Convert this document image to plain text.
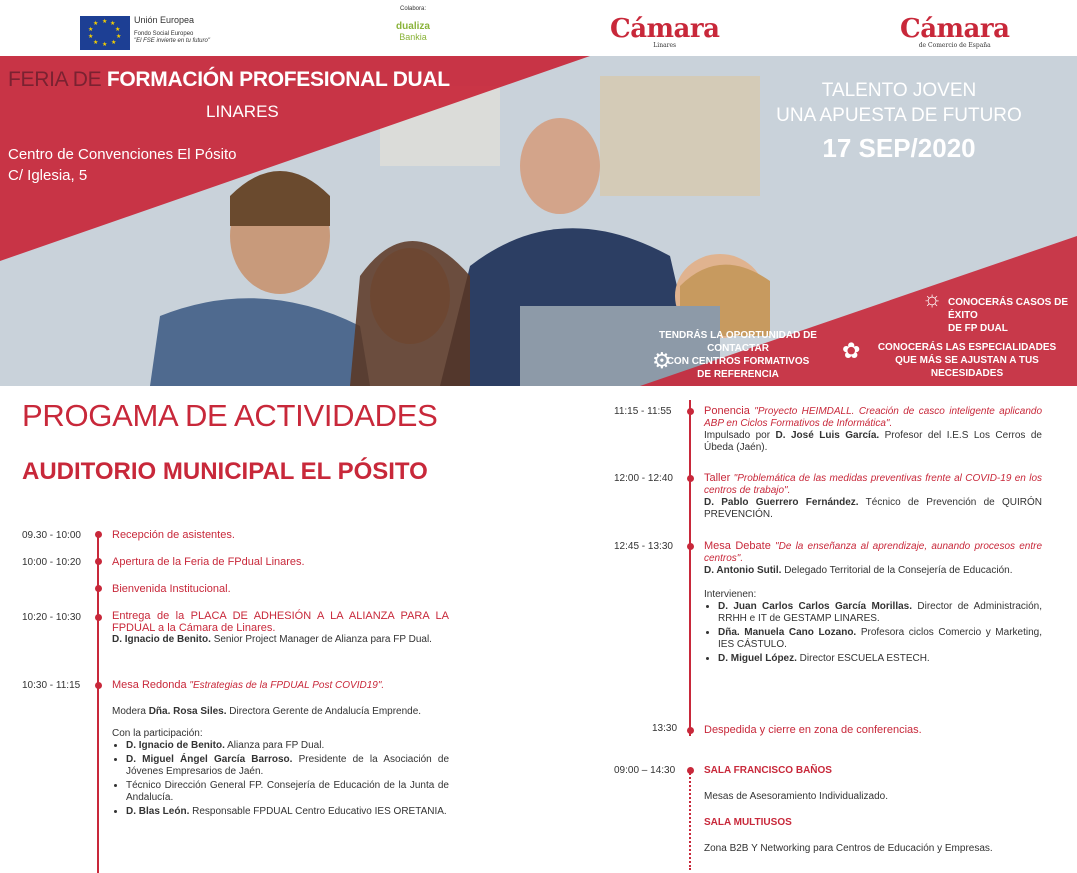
★ ★
★
★
★
★
★
★
★
★	Unión Europea
Fondo Social Europeo
"El FSE invierte en tu futuro"
Colabora:
dualiza
Bankia	Cámara
Linares
Cámara
de Comercio de España
FERIA DE FORMACIÓN PROFESIONAL DUAL
LINARES
Centro de Convenciones El Pósito
C/ Iglesia, 5
TALENTO JOVEN
UNA APUESTA DE FUTURO
17 SEP/2020
☼ CONOCERÁS CASOS DE ÉXITO
DE FP DUAL
⚙
TENDRÁS LA OPORTUNIDAD DE CONTACTAR
CON CENTROS FORMATIVOS
DE REFERENCIA
✿	CONOCERÁS LAS ESPECIALIDADES
QUE MÁS SE AJUSTAN A TUS NECESIDADES
PROGAMA DE ACTIVIDADES
AUDITORIO MUNICIPAL EL PÓSITO
09.30 - 10:00	Recepción de asistentes.
10:00 - 10:20	Apertura de la Feria de FPdual Linares.
Bienvenida Institucional.
10:20 - 10:30	Entrega de la PLACA DE ADHESIÓN A LA ALIANZA PARA LA FPDUAL a la Cámara de Linares.

D. Ignacio de Benito. Senior Project Manager de Alianza para FP Dual.

10:30 - 11:15	Mesa Redonda "Estrategias de la FPDUAL Post COVID19".

Modera Dña. Rosa Siles. Directora Gerente de Andalucía Emprende.

Con la participación:

• D. Ignacio de Benito. Alianza para FP Dual.
• D. Miguel Ángel García Barroso. Presidente de la Asociación de Jóvenes Empresarios de Jaén.
• Técnico Dirección General FP. Consejería de Educación de la Junta de Andalucía.
• D. Blas León. Responsable FPDUAL Centro Educativo IES ORETANIA.
11:15 - 11:55	Ponencia "Proyecto HEIMDALL. Creación de casco inteligente aplicando ABP en Ciclos Formativos de Informática".

Impulsado por D. José Luis García. Profesor del I.E.S Los Cerros de Úbeda (Jaén).

12:00 - 12:40	Taller "Problemática de las medidas preventivas frente al COVID-19 en los centros de trabajo".

D. Pablo Guerrero Fernández. Técnico de Prevención de QUIRÓN PREVENCIÓN.

12:45 - 13:30	Mesa Debate "De la enseñanza al aprendizaje, aunando procesos entre centros".

D. Antonio Sutil. Delegado Territorial de la Consejería de Educación.

Intervienen:

• D. Juan Carlos Carlos García Morillas. Director de Administración, RRHH e IT de GESTAMP LINARES.
• Dña. Manuela Cano Lozano. Profesora ciclos Comercio y Marketing, IES CÁSTULO.
• D. Miguel López. Director ESCUELA ESTECH.
13:30 Despedida y cierre en zona de conferencias.
09:00 – 14:30	SALA FRANCISCO BAÑOS

Mesas de Asesoramiento Individualizado.

SALA MULTIUSOS

Zona B2B Y Networking para Centros de Educación y Empresas.
